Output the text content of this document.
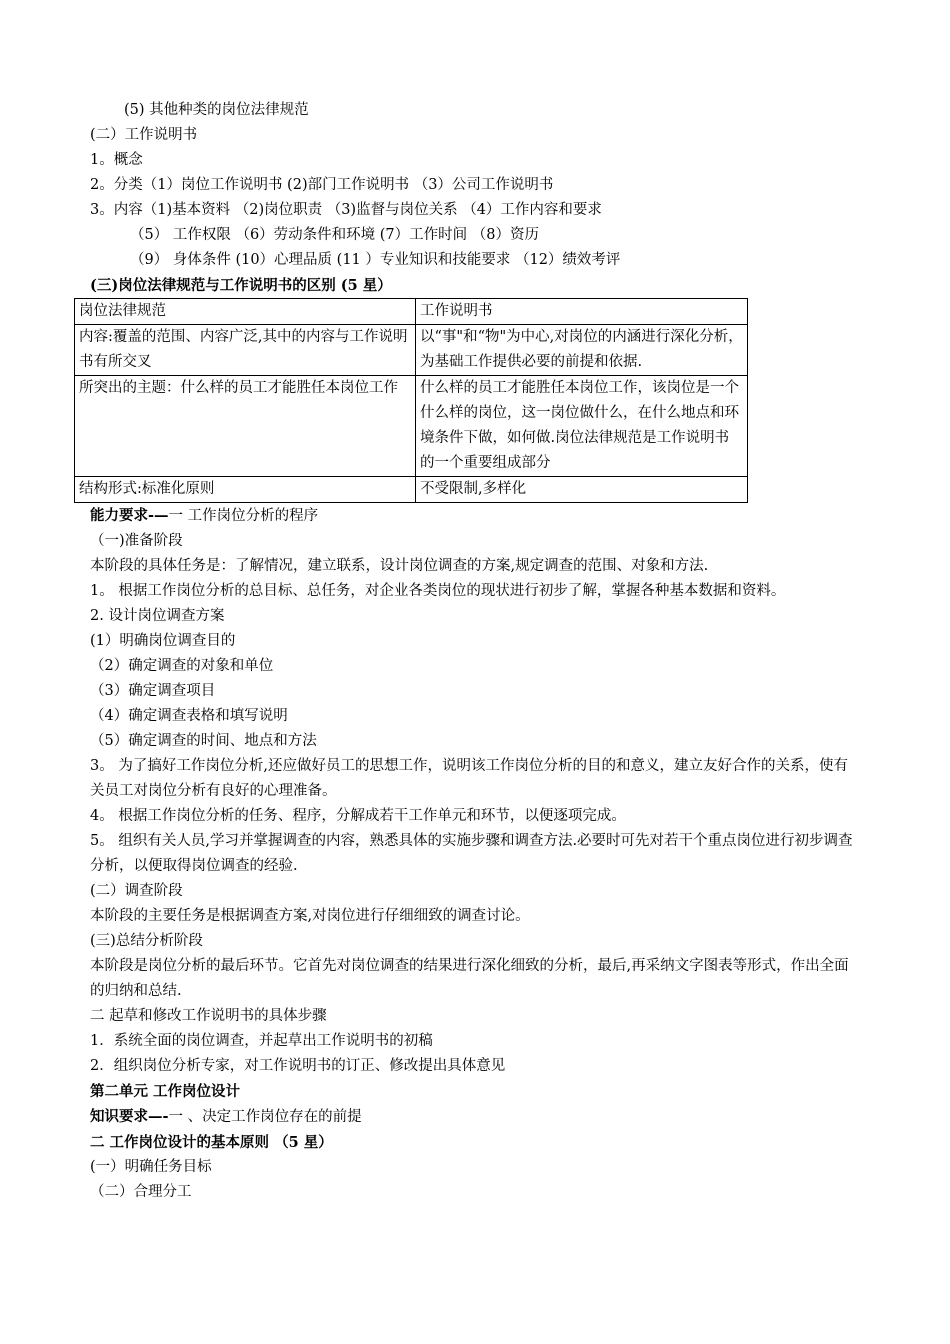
(5) 其他种类的岗位法律规范
(二）工作说明书
1。概念
2。分类（1）岗位工作说明书 (2)部门工作说明书 （3）公司工作说明书
3。内容（1)基本资料 （2)岗位职责 （3)监督与岗位关系 （4）工作内容和要求
（5） 工作权限 （6）劳动条件和环境 (7）工作时间 （8）资历
（9） 身体条件 (10）心理品质 (11 ）专业知识和技能要求 （12）绩效考评
(三)岗位法律规范与工作说明书的区别 (5 星）
岗位法律规范	工作说明书
内容:覆盖的范围、内容广泛,其中的内容与工作说明书有所交叉	以“事"和“物"为中心,对岗位的内涵进行深化分析，为基础工作提供必要的前提和依据.
所突出的主题：什么样的员工才能胜任本岗位工作	什么样的员工才能胜任本岗位工作，该岗位是一个什么样的岗位，这一岗位做什么，在什么地点和环境条件下做，如何做.岗位法律规范是工作说明书的一个重要组成部分
结构形式:标准化原则	不受限制,多样化
能力要求-—一 工作岗位分析的程序
（一)准备阶段
本阶段的具体任务是：了解情况，建立联系，设计岗位调查的方案,规定调查的范围、对象和方法.
1。 根据工作岗位分析的总目标、总任务，对企业各类岗位的现状进行初步了解，掌握各种基本数据和资料。
2. 设计岗位调查方案
(1）明确岗位调查目的
（2）确定调查的对象和单位
（3）确定调查项目
（4）确定调查表格和填写说明
（5）确定调查的时间、地点和方法
3。 为了搞好工作岗位分析,还应做好员工的思想工作，说明该工作岗位分析的目的和意义，建立友好合作的关系，使有关员工对岗位分析有良好的心理准备。
4。 根据工作岗位分析的任务、程序，分解成若干工作单元和环节，以便逐项完成。
5。 组织有关人员,学习并掌握调查的内容，熟悉具体的实施步骤和调查方法.必要时可先对若干个重点岗位进行初步调查分析，以便取得岗位调查的经验.
(二）调查阶段
本阶段的主要任务是根据调查方案,对岗位进行仔细细致的调查讨论。
(三)总结分析阶段
本阶段是岗位分析的最后环节。它首先对岗位调查的结果进行深化细致的分析，最后,再采纳文字图表等形式，作出全面的归纳和总结.
二 起草和修改工作说明书的具体步骤
1．系统全面的岗位调查，并起草出工作说明书的初稿
2．组织岗位分析专家，对工作说明书的订正、修改提出具体意见
第二单元 工作岗位设计
知识要求—-一 、决定工作岗位存在的前提
二 工作岗位设计的基本原则 （5 星）
(一）明确任务目标
（二）合理分工
